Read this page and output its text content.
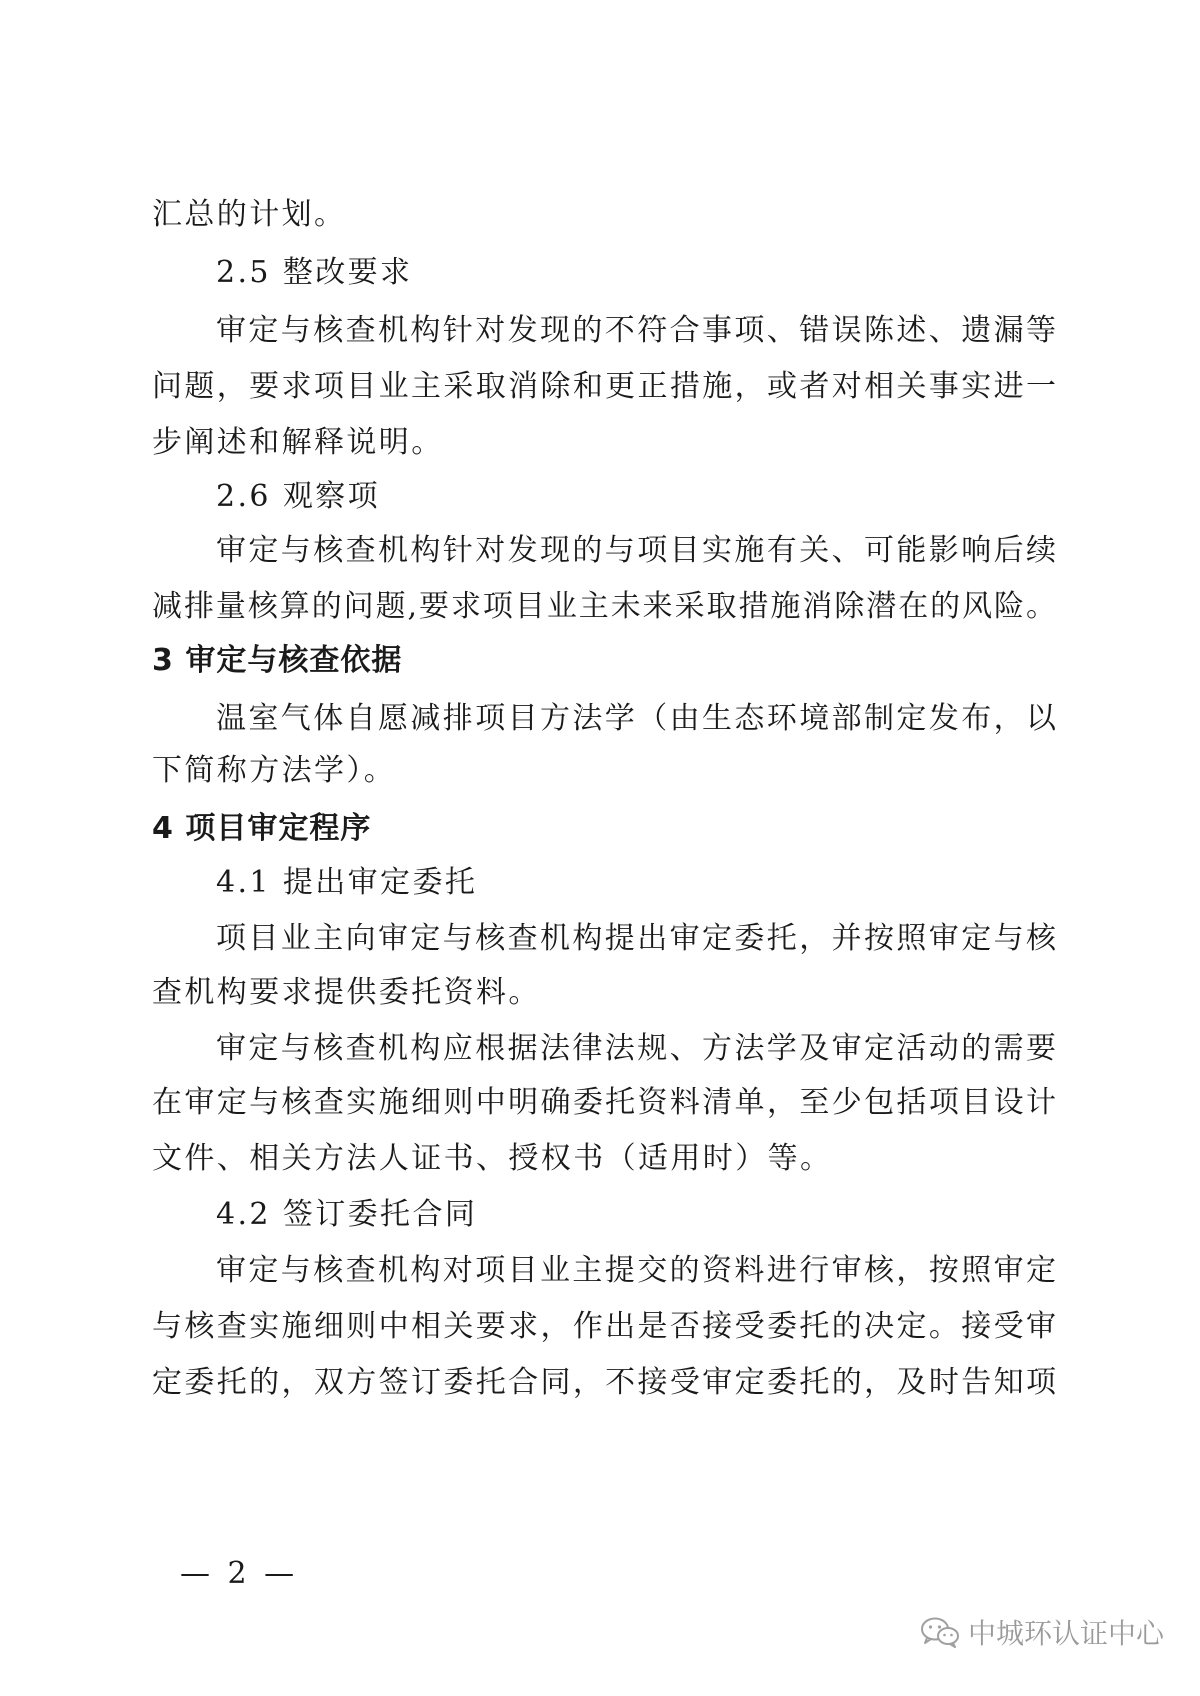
汇总的计划。
2.5 整改要求
审定与核查机构针对发现的不符合事项、错误陈述、遗漏等
问题，要求项目业主采取消除和更正措施，或者对相关事实进一
步阐述和解释说明。
2.6 观察项
审定与核查机构针对发现的与项目实施有关、可能影响后续
减排量核算的问题,要求项目业主未来采取措施消除潜在的风险。
3 审定与核查依据
温室气体自愿减排项目方法学（由生态环境部制定发布，以
下简称方法学）。
4 项目审定程序
4.1 提出审定委托
项目业主向审定与核查机构提出审定委托，并按照审定与核
查机构要求提供委托资料。
审定与核查机构应根据法律法规、方法学及审定活动的需要
在审定与核查实施细则中明确委托资料清单，至少包括项目设计
文件、相关方法人证书、授权书（适用时）等。
4.2 签订委托合同
审定与核查机构对项目业主提交的资料进行审核，按照审定
与核查实施细则中相关要求，作出是否接受委托的决定。接受审
定委托的，双方签订委托合同，不接受审定委托的，及时告知项
— 2 —
中城环认证中心
